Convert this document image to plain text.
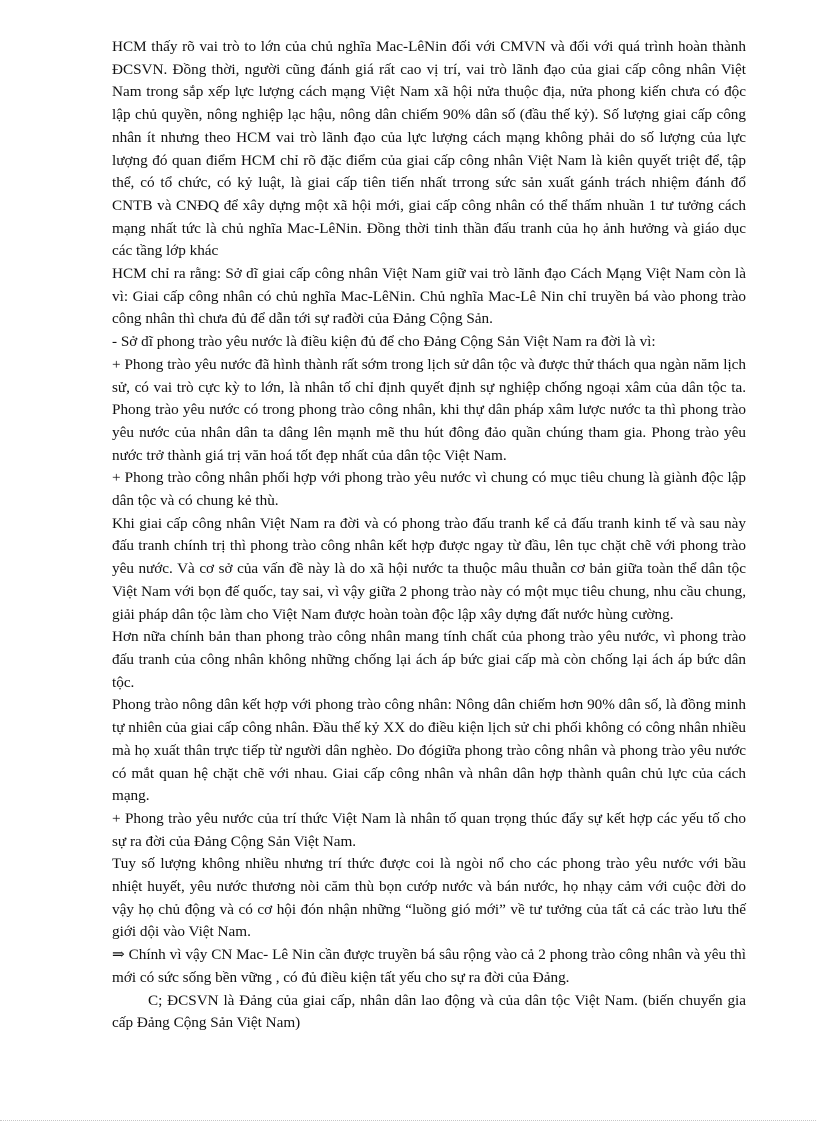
HCM thấy rõ vai trò to lớn của chủ nghĩa Mac-LêNin đối với CMVN và đối với quá trình hoàn thành ĐCSVN. Đồng thời, người cũng đánh giá rất cao vị trí, vai trò lãnh đạo của giai cấp công nhân Việt Nam trong sắp xếp lực lượng cách mạng Việt Nam xã hội nửa thuộc địa, nửa phong kiến chưa có độc lập chủ quyền, nông nghiệp lạc hậu, nông dân chiếm 90% dân số (đầu thế kỷ). Số lượng giai cấp công nhân ít nhưng theo HCM vai trò lãnh đạo của lực lượng cách mạng không phải do số lượng của lực lượng đó quan điểm HCM chỉ rõ đặc điểm của giai cấp công nhân Việt Nam là kiên quyết triệt để, tập thể, có tổ chức, có kỷ luật, là giai cấp tiên tiến nhất trrong sức sản xuất gánh trách nhiệm đánh đổ CNTB và CNĐQ để xây dựng một xã hội mới, giai cấp công nhân có thể thấm nhuần 1 tư tưởng cách mạng nhất tức là chủ nghĩa Mac-LêNin. Đồng thời tinh thần đấu tranh của họ ảnh hưởng và giáo dục các tầng lớp khác

HCM chỉ ra rằng: Sở dĩ giai cấp công nhân Việt Nam giữ vai trò lãnh đạo Cách Mạng Việt Nam còn là vì: Giai cấp công nhân có chủ nghĩa Mac-LêNin. Chủ nghĩa Mac-Lê Nin chỉ truyền bá vào phong trào công nhân thì chưa đủ để dẫn tới sự rađời của Đảng Cộng Sản.

- Sở dĩ phong trào yêu nước là điều kiện đủ để cho Đảng Cộng Sản Việt Nam ra đời là vì:

+ Phong trào yêu nước đã hình thành rất sớm trong lịch sử dân tộc và được thử thách qua ngàn năm lịch sử, có vai trò cực kỳ to lớn, là nhân tố chỉ định quyết định sự nghiệp chống ngoại xâm của dân tộc ta. Phong trào yêu nước có trong phong trào công nhân, khi thự dân pháp xâm lược nước ta thì phong trào yêu nước của nhân dân ta dâng lên mạnh mẽ thu hút đông đảo quần chúng tham gia. Phong trào yêu nước trở thành giá trị văn hoá tốt đẹp nhất của dân tộc Việt Nam.

+ Phong trào công nhân phối hợp với phong trào yêu nước vì chung có mục tiêu chung là giành độc lập dân tộc và có chung kẻ thù.

Khi giai cấp công nhân Việt Nam ra đời và có phong trào đấu tranh kể cả đấu tranh kinh tế và sau này đấu tranh chính trị thì phong trào công nhân kết hợp được ngay từ đầu, lên tục chặt chẽ với phong trào yêu nước. Và cơ sở của vấn đề này là do xã hội nước ta thuộc mâu thuẫn cơ bản giữa toàn thể dân tộc Việt Nam với bọn đế quốc, tay sai, vì vậy giữa 2 phong trào này có một mục tiêu chung, nhu cầu chung, giải pháp dân tộc làm cho Việt Nam được hoàn toàn độc lập xây dựng đất nước hùng cường.

Hơn nữa chính bản than phong trào công nhân mang tính chất của phong trào yêu nước, vì phong trào đấu tranh của công nhân không những chống lại ách áp bức giai cấp mà còn chống lại ách áp bức dân tộc.

Phong trào nông dân kết hợp với phong trào công nhân: Nông dân chiếm hơn 90% dân số, là đồng minh tự nhiên của giai cấp công nhân. Đầu thế kỷ XX do điều kiện lịch sử chi phối không có công nhân nhiều mà họ xuất thân trực tiếp từ người dân nghèo. Do đógiữa phong trào công nhân và phong trào yêu nước có mắt quan hệ chặt chẽ với nhau. Giai cấp công nhân và nhân dân hợp thành quân chủ lực của cách mạng.

+ Phong trào yêu nước của trí thức Việt Nam là nhân tố quan trọng thúc đẩy sự kết hợp các yếu tố cho sự ra đời của Đảng Cộng Sản Việt Nam.

Tuy số lượng không nhiều nhưng trí thức được coi là ngòi nổ cho các phong trào yêu nước với bầu nhiệt huyết, yêu nước thương nòi căm thù bọn cướp nước và bán nước, họ nhạy cảm với cuộc đời do vậy họ chủ động và có cơ hội đón nhận những “luồng gió mới” về tư tưởng của tất cả các trào lưu thế giới dội vào Việt Nam.

⇒ Chính vì vậy CN Mac- Lê Nin cần được truyền bá sâu rộng vào cả 2 phong trào công nhân và yêu thì mới có sức sống bền vững , có đủ điều kiện tất yếu cho sự ra đời của Đảng.

C; ĐCSVN là Đảng của giai cấp, nhân dân lao động và của dân tộc Việt Nam. (biến chuyển gia cấp Đảng Cộng Sản Việt Nam)
